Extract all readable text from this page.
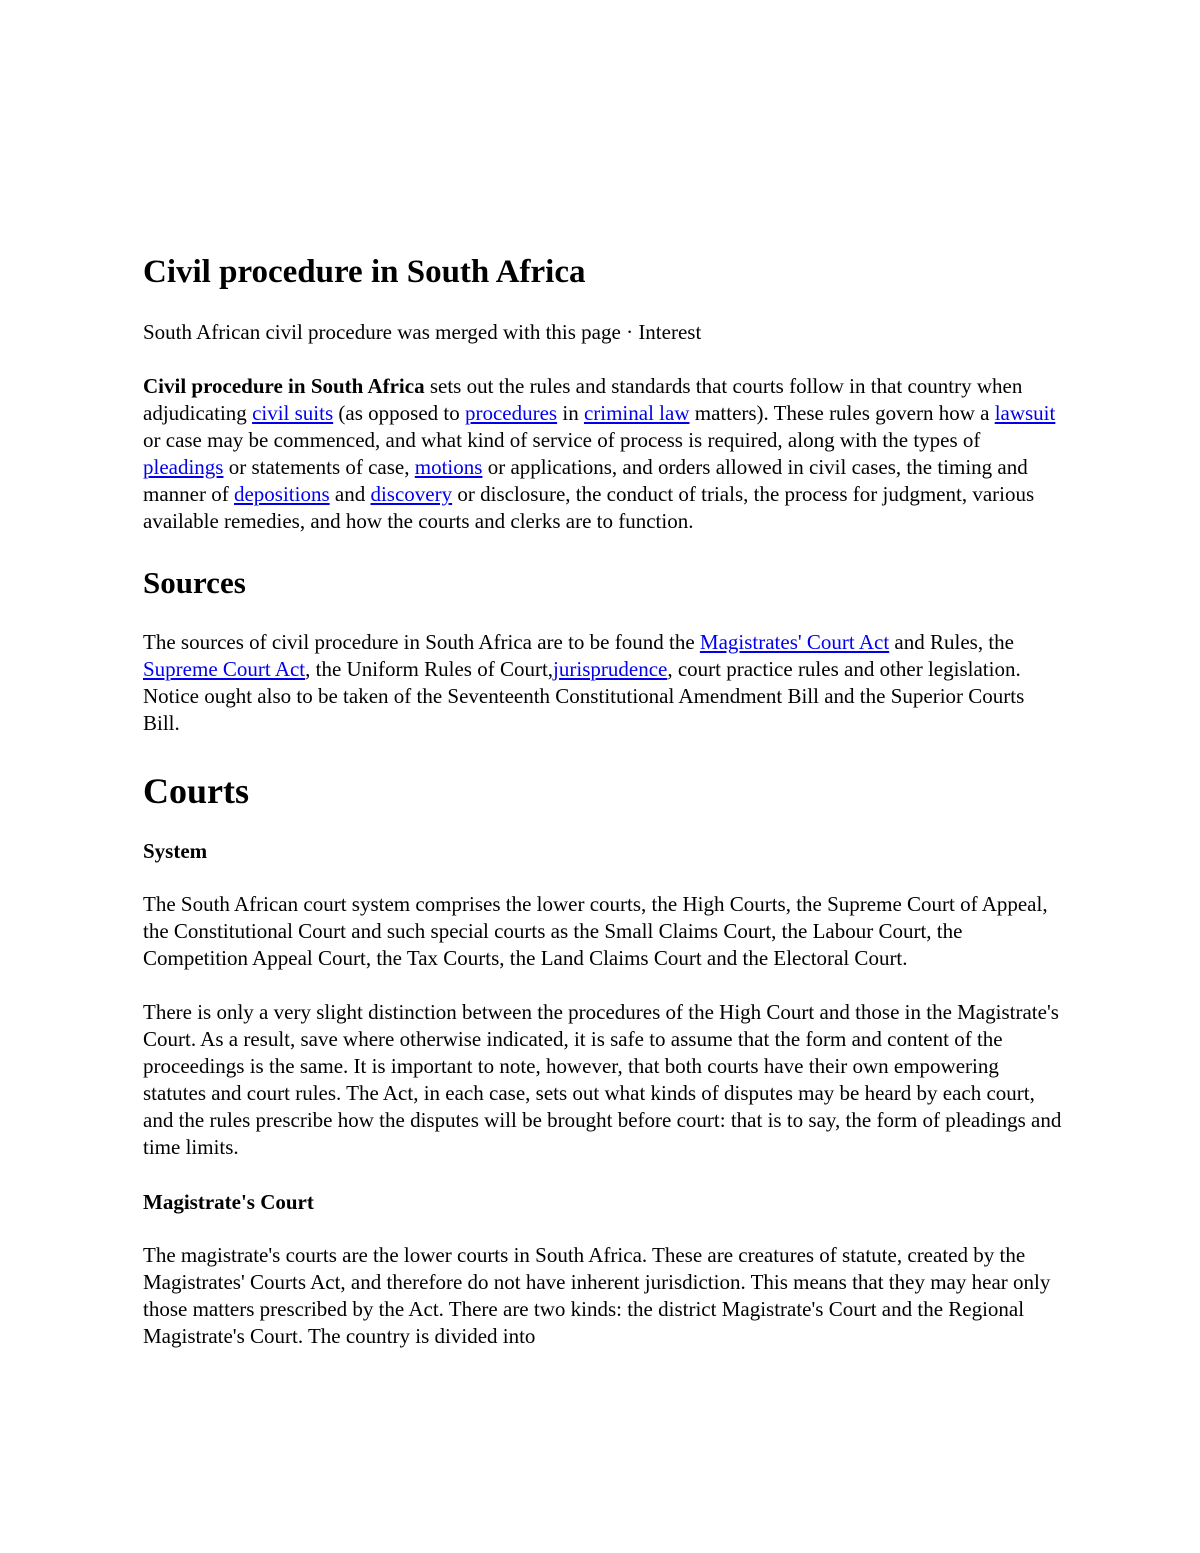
Civil procedure in South Africa

South African civil procedure was merged with this page · Interest

Civil procedure in South Africa sets out the rules and standards that courts follow in that country when adjudicating civil suits (as opposed to procedures in criminal law matters). These rules govern how a lawsuit or case may be commenced, and what kind of service of process is required, along with the types of pleadings or statements of case, motions or applications, and orders allowed in civil cases, the timing and manner of depositions and discovery or disclosure, the conduct of trials, the process for judgment, various available remedies, and how the courts and clerks are to function.

Sources

The sources of civil procedure in South Africa are to be found the Magistrates' Court Act and Rules, the Supreme Court Act, the Uniform Rules of Court,jurisprudence, court practice rules and other legislation. Notice ought also to be taken of the Seventeenth Constitutional Amendment Bill and the Superior Courts Bill.

Courts
System

The South African court system comprises the lower courts, the High Courts, the Supreme Court of Appeal, the Constitutional Court and such special courts as the Small Claims Court, the Labour Court, the Competition Appeal Court, the Tax Courts, the Land Claims Court and the Electoral Court.

There is only a very slight distinction between the procedures of the High Court and those in the Magistrate's Court. As a result, save where otherwise indicated, it is safe to assume that the form and content of the proceedings is the same. It is important to note, however, that both courts have their own empowering statutes and court rules. The Act, in each case, sets out what kinds of disputes may be heard by each court, and the rules prescribe how the disputes will be brought before court: that is to say, the form of pleadings and time limits.

Magistrate's Court

The magistrate's courts are the lower courts in South Africa. These are creatures of statute, created by the Magistrates' Courts Act, and therefore do not have inherent jurisdiction. This means that they may hear only those matters prescribed by the Act. There are two kinds: the district Magistrate's Court and the Regional Magistrate's Court. The country is divided into
